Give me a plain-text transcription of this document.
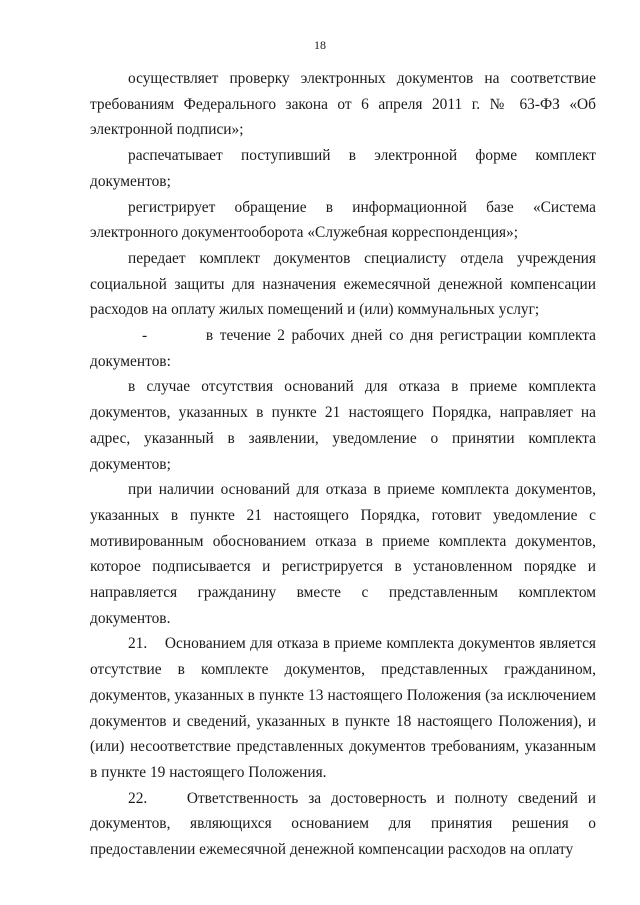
18

осуществляет проверку электронных документов на соответствие требованиям Федерального закона от 6 апреля 2011 г. № 63-ФЗ «Об электронной подписи»;

распечатывает поступивший в электронной форме комплект документов;

регистрирует обращение в информационной базе «Система электронного документооборота «Служебная корреспонденция»;

передает комплект документов специалисту отдела учреждения социальной защиты для назначения ежемесячной денежной компенсации расходов на оплату жилых помещений и (или) коммунальных услуг;

-         в течение 2 рабочих дней со дня регистрации комплекта документов:

в случае отсутствия оснований для отказа в приеме комплекта документов, указанных в пункте 21 настоящего Порядка, направляет на адрес, указанный в заявлении, уведомление о принятии комплекта документов;

при наличии оснований для отказа в приеме комплекта документов, указанных в пункте 21 настоящего Порядка, готовит уведомление с мотивированным обоснованием отказа в приеме комплекта документов, которое подписывается и регистрируется в установленном порядке и направляется гражданину вместе с представленным комплектом документов.

21.    Основанием для отказа в приеме комплекта документов является отсутствие в комплекте документов, представленных гражданином, документов, указанных в пункте 13 настоящего Положения (за исключением документов и сведений, указанных в пункте 18 настоящего Положения), и (или) несоответствие представленных документов требованиям, указанным в пункте 19 настоящего Положения.

22.    Ответственность за достоверность и полноту сведений и документов, являющихся основанием для принятия решения о предоставлении ежемесячной денежной компенсации расходов на оплату
